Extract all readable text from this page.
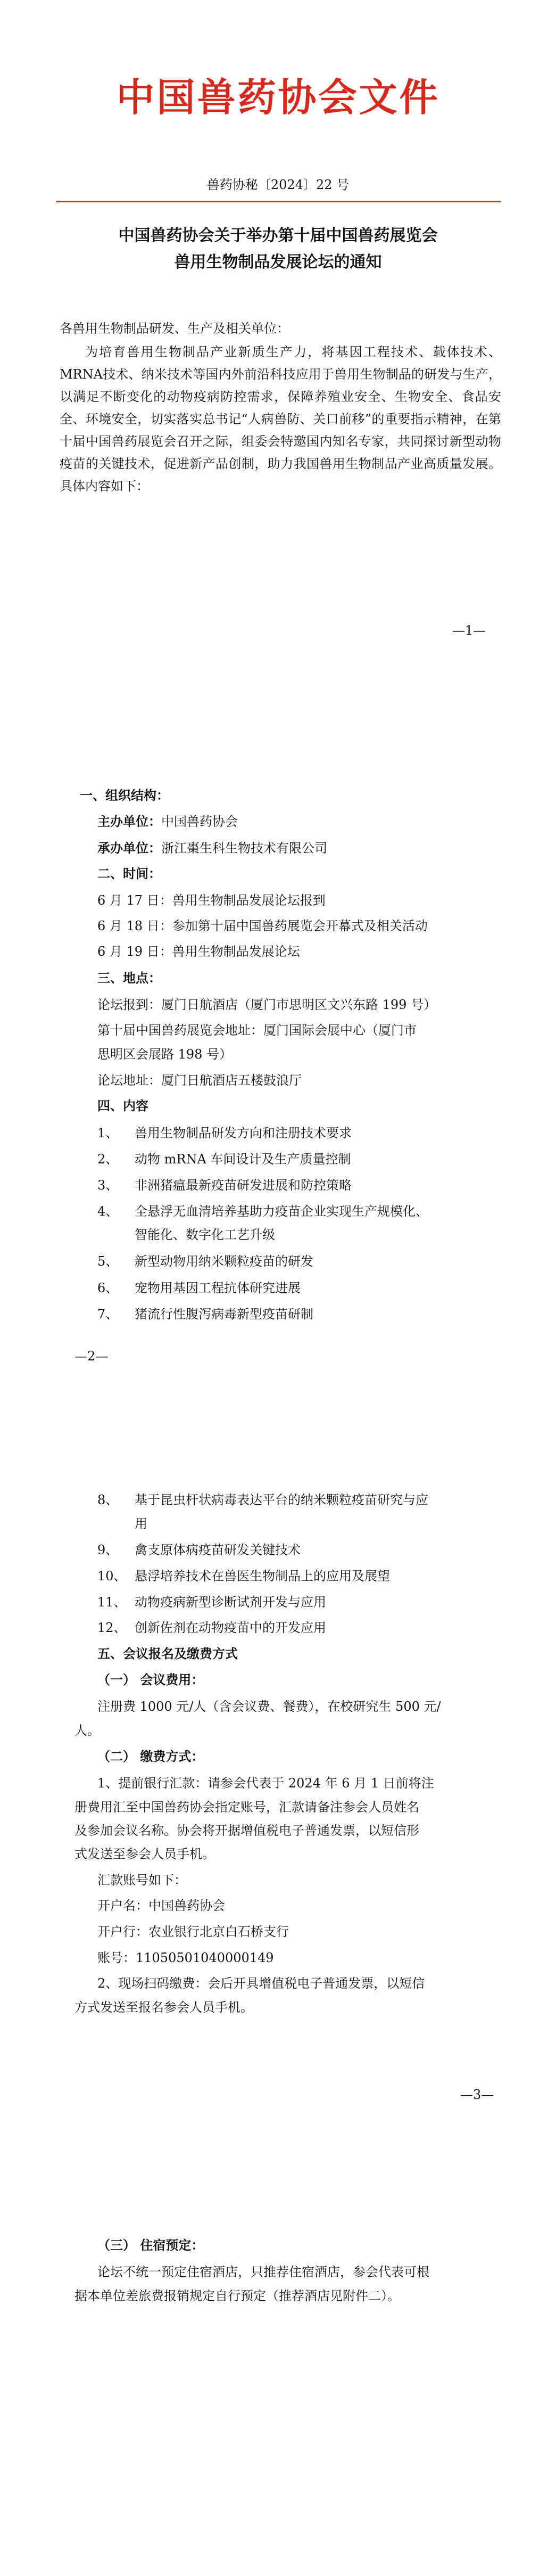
中国兽药协会文件
兽药协秘〔2024〕22 号
中国兽药协会关于举办第十届中国兽药展览会
兽用生物制品发展论坛的通知
各兽用生物制品研发、生产及相关单位：
为培育兽用生物制品产业新质生产力，将基因工程技术、载体技术、MRNA技术、纳米技术等国内外前沿科技应用于兽用生物制品的研发与生产，以满足不断变化的动物疫病防控需求，保障养殖业安全、生物安全、食品安全、环境安全，切实落实总书记“人病兽防、关口前移”的重要指示精神，在第十届中国兽药展览会召开之际，组委会特邀国内知名专家，共同探讨新型动物疫苗的关键技术，促进新产品创制，助力我国兽用生物制品产业高质量发展。具体内容如下：
—1—
一、组织结构：
主办单位：中国兽药协会
承办单位：浙江棗生科生物技术有限公司
二、时间：
6 月 17 日：兽用生物制品发展论坛报到
6 月 18 日：参加第十届中国兽药展览会开幕式及相关活动
6 月 19 日：兽用生物制品发展论坛
三、地点：
论坛报到：厦门日航酒店（厦门市思明区文兴东路 199 号）
第十届中国兽药展览会地址：厦门国际会展中心（厦门市
思明区会展路 198 号）
论坛地址：厦门日航酒店五楼鼓浪厅
四、内容
1、 兽用生物制品研发方向和注册技术要求
2、 动物 mRNA 车间设计及生产质量控制
3、 非洲猪瘟最新疫苗研发进展和防控策略
4、 全悬浮无血清培养基助力疫苗企业实现生产规模化、
智能化、数字化工艺升级
5、 新型动物用纳米颗粒疫苗的研发
6、 宠物用基因工程抗体研究进展
7、 猪流行性腹泻病毒新型疫苗研制
—2—
8、 基于昆虫杆状病毒表达平台的纳米颗粒疫苗研究与应
用
9、 禽支原体病疫苗研发关键技术
10、 悬浮培养技术在兽医生物制品上的应用及展望
11、 动物疫病新型诊断试剂开发与应用
12、 创新佐剂在动物疫苗中的开发应用
五、会议报名及缴费方式
（一） 会议费用：
注册费 1000 元/人（含会议费、餐费），在校研究生 500 元/
人。
（二） 缴费方式：
1、提前银行汇款：请参会代表于 2024 年 6 月 1 日前将注
册费用汇至中国兽药协会指定账号，汇款请备注参会人员姓名
及参加会议名称。协会将开据增值税电子普通发票，以短信形
式发送至参会人员手机。
汇款账号如下：
开户名：中国兽药协会
开户行：农业银行北京白石桥支行
账号：11050501040000149
2、现场扫码缴费：会后开具增值税电子普通发票，以短信
方式发送至报名参会人员手机。
—3—
（三） 住宿预定：
论坛不统一预定住宿酒店，只推荐住宿酒店，参会代表可根
据本单位差旅费报销规定自行预定（推荐酒店见附件二）。
